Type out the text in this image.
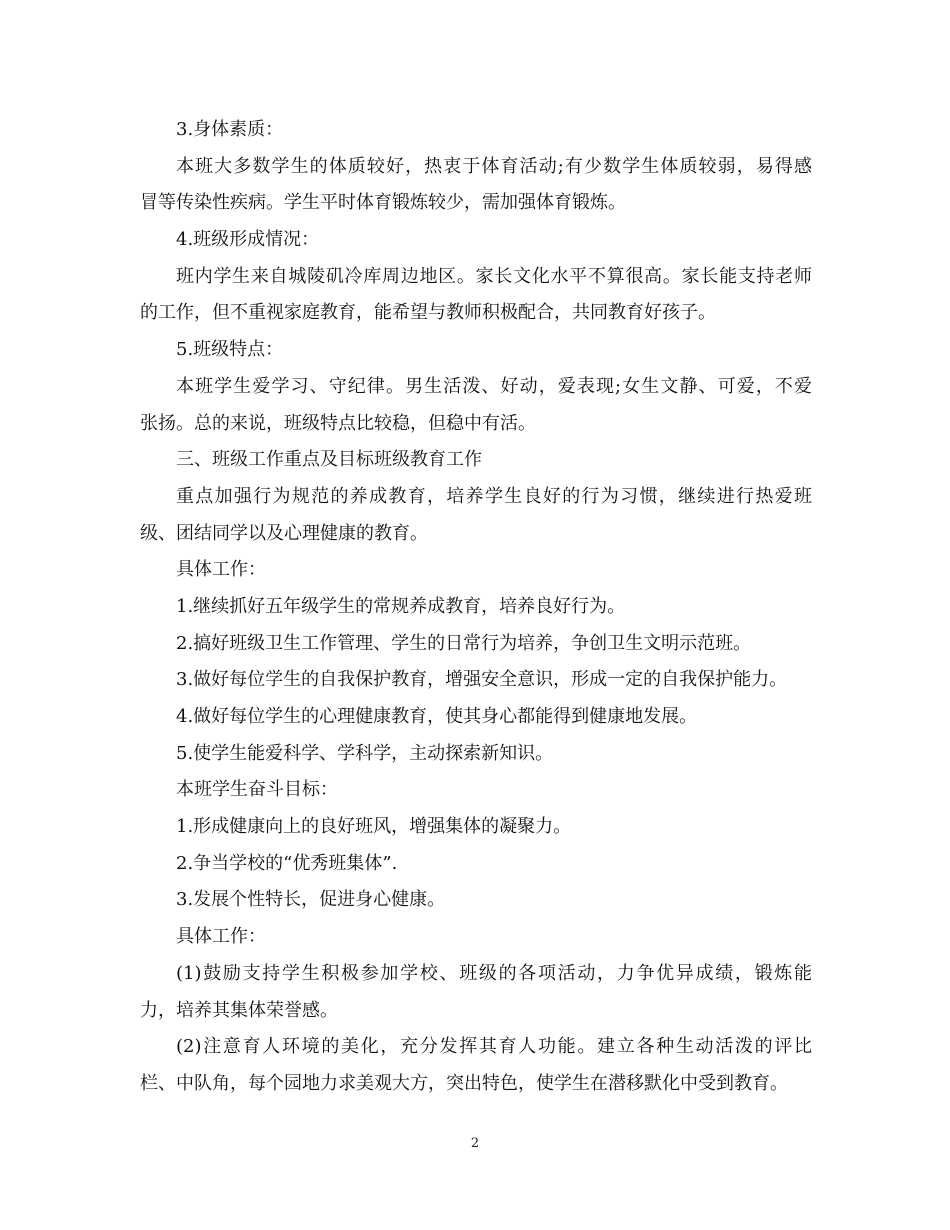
3.身体素质：
本班大多数学生的体质较好，热衷于体育活动;有少数学生体质较弱，易得感
冒等传染性疾病。学生平时体育锻炼较少，需加强体育锻炼。
4.班级形成情况：
班内学生来自城陵矶冷库周边地区。家长文化水平不算很高。家长能支持老师
的工作，但不重视家庭教育，能希望与教师积极配合，共同教育好孩子。
5.班级特点：
本班学生爱学习、守纪律。男生活泼、好动，爱表现;女生文静、可爱，不爱
张扬。总的来说，班级特点比较稳，但稳中有活。
三、班级工作重点及目标班级教育工作
重点加强行为规范的养成教育，培养学生良好的行为习惯，继续进行热爱班
级、团结同学以及心理健康的教育。
具体工作：
1.继续抓好五年级学生的常规养成教育，培养良好行为。
2.搞好班级卫生工作管理、学生的日常行为培养，争创卫生文明示范班。
3.做好每位学生的自我保护教育，增强安全意识，形成一定的自我保护能力。
4.做好每位学生的心理健康教育，使其身心都能得到健康地发展。
5.使学生能爱科学、学科学，主动探索新知识。
本班学生奋斗目标：
1.形成健康向上的良好班风，增强集体的凝聚力。
2.争当学校的“优秀班集体”.
3.发展个性特长，促进身心健康。
具体工作：
(1)鼓励支持学生积极参加学校、班级的各项活动，力争优异成绩，锻炼能
力，培养其集体荣誉感。
(2)注意育人环境的美化，充分发挥其育人功能。建立各种生动活泼的评比
栏、中队角，每个园地力求美观大方，突出特色，使学生在潜移默化中受到教育。
2
